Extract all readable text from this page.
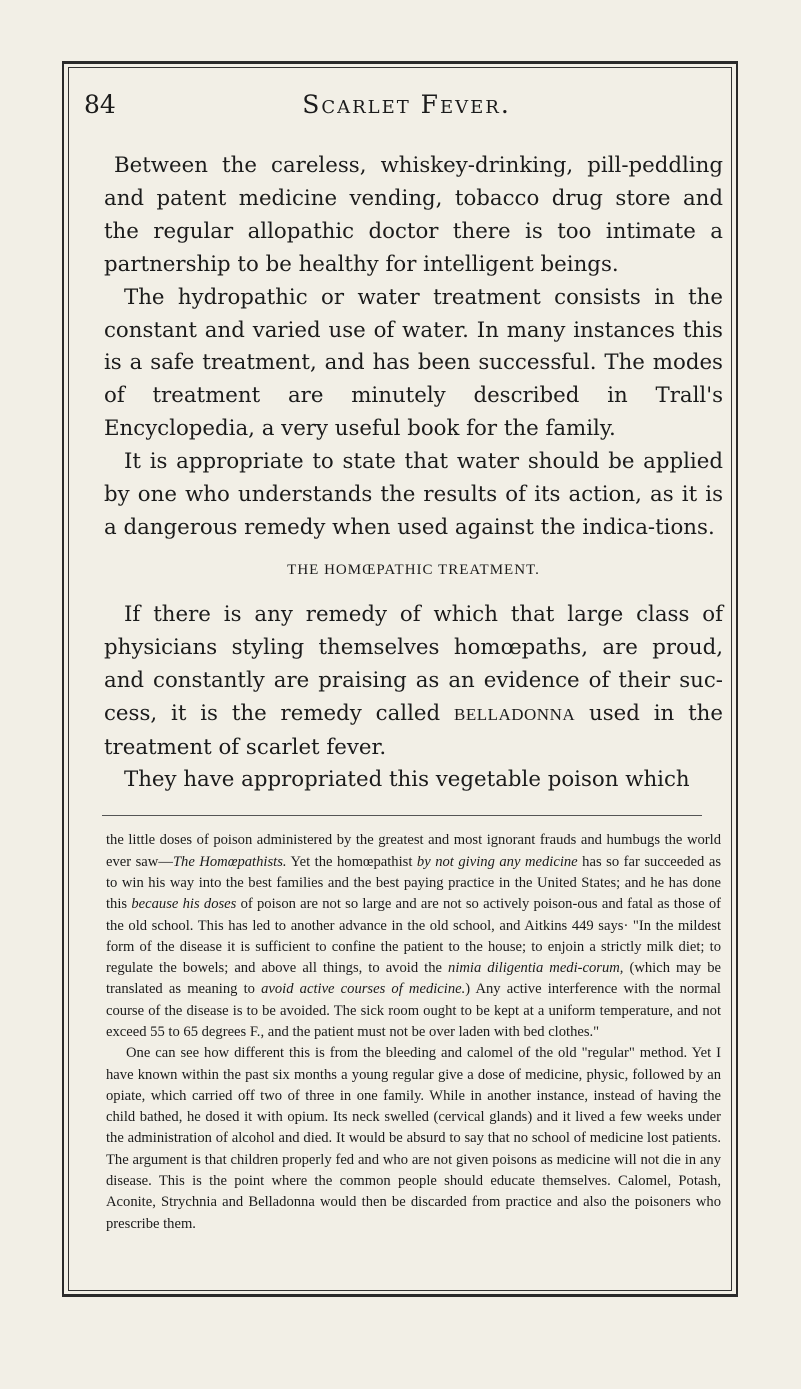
84	Scarlet Fever.

Between the careless, whiskey-drinking, pill-peddling and patent medicine vending, tobacco drug store and the regular allopathic doctor there is too intimate a partnership to be healthy for intelligent beings.

The hydropathic or water treatment consists in the constant and varied use of water. In many instances this is a safe treatment, and has been successful. The modes of treatment are minutely described in Trall's Encyclopedia, a very useful book for the family.

It is appropriate to state that water should be applied by one who understands the results of its action, as it is a dangerous remedy when used against the indica-tions.

THE HOMŒPATHIC TREATMENT.

If there is any remedy of which that large class of physicians styling themselves homœpaths, are proud, and constantly are praising as an evidence of their suc-cess, it is the remedy called BELLADONNA used in the treatment of scarlet fever.

They have appropriated this vegetable poison which

the little doses of poison administered by the greatest and most ignorant frauds and humbugs the world ever saw—The Homœpathists. Yet the homœpathist by not giving any medicine has so far succeeded as to win his way into the best families and the best paying practice in the United States; and he has done this because his doses of poison are not so large and are not so actively poison-ous and fatal as those of the old school. This has led to another advance in the old school, and Aitkins 449 says· "In the mildest form of the disease it is sufficient to confine the patient to the house; to enjoin a strictly milk diet; to regulate the bowels; and above all things, to avoid the nimia diligentia medi-corum, (which may be translated as meaning to avoid active courses of medicine.) Any active interference with the normal course of the disease is to be avoided. The sick room ought to be kept at a uniform temperature, and not exceed 55 to 65 degrees F., and the patient must not be over laden with bed clothes."

One can see how different this is from the bleeding and calomel of the old "regular" method. Yet I have known within the past six months a young regular give a dose of medicine, physic, followed by an opiate, which carried off two of three in one family. While in another instance, instead of having the child bathed, he dosed it with opium. Its neck swelled (cervical glands) and it lived a few weeks under the administration of alcohol and died. It would be absurd to say that no school of medicine lost patients. The argument is that children properly fed and who are not given poisons as medicine will not die in any disease. This is the point where the common people should educate themselves. Calomel, Potash, Aconite, Strychnia and Belladonna would then be discarded from practice and also the poisoners who prescribe them.
